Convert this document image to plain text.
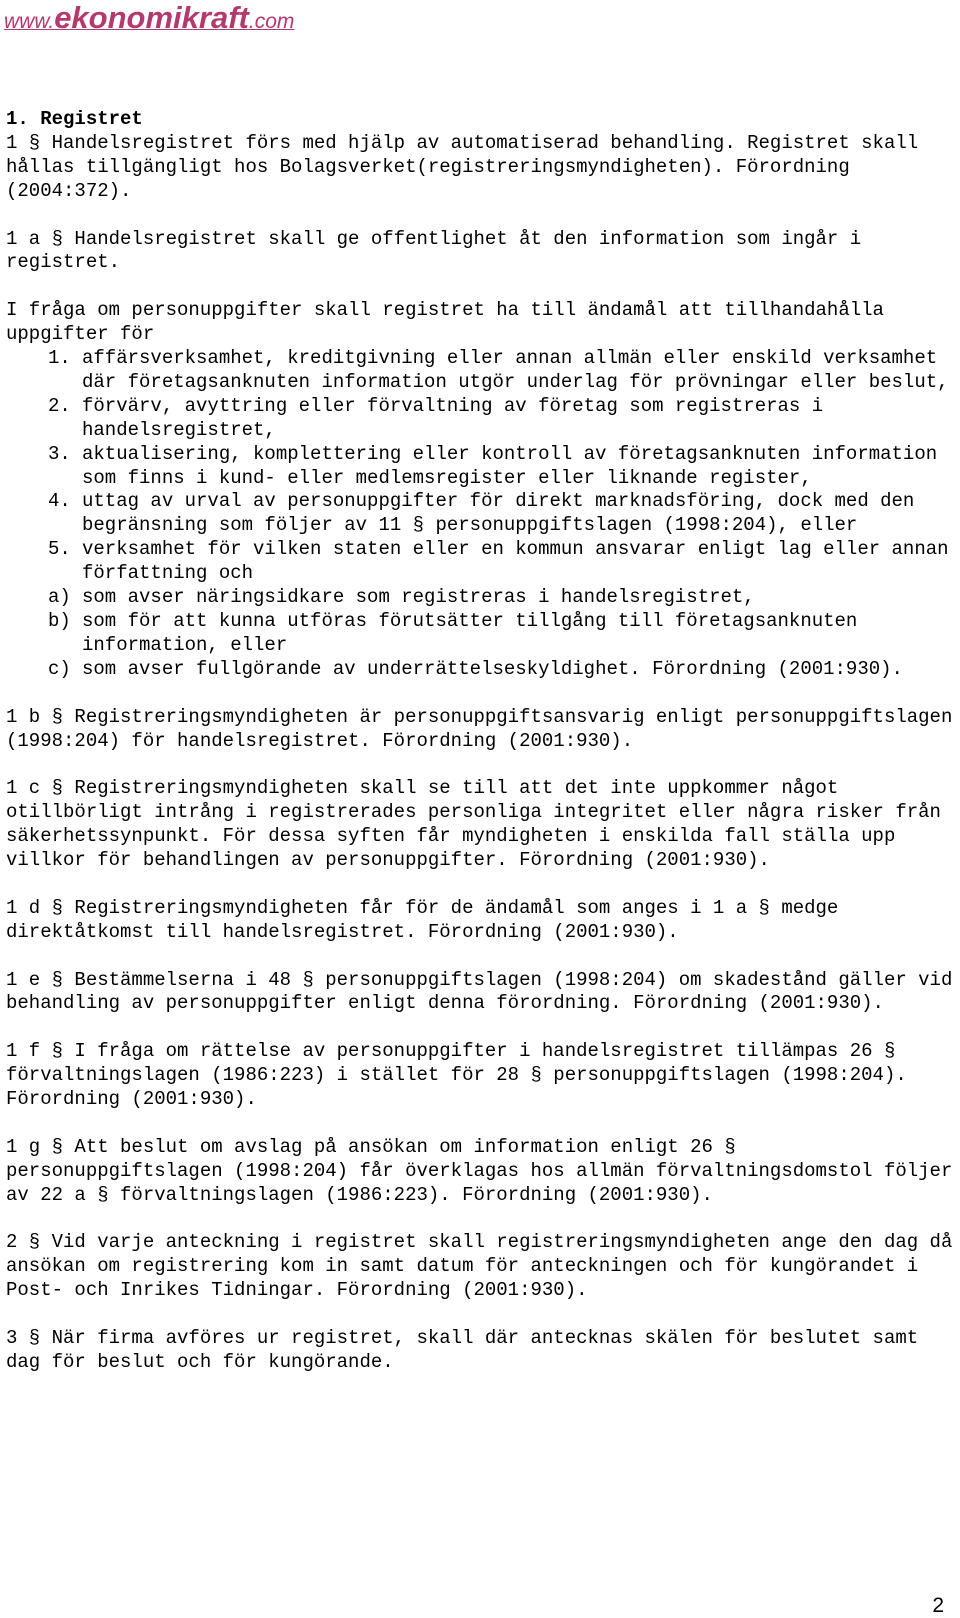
www.ekonomikraft.com

1. Registret

1 § Handelsregistret förs med hjälp av automatiserad behandling. Registret skall hållas tillgängligt hos Bolagsverket(registreringsmyndigheten). Förordning (2004:372).

1 a § Handelsregistret skall ge offentlighet åt den information som ingår i registret.

I fråga om personuppgifter skall registret ha till ändamål att tillhandahålla uppgifter för

1. affärsverksamhet, kreditgivning eller annan allmän eller enskild verksamhet där företagsanknuten information utgör underlag för prövningar eller beslut,
2. förvärv, avyttring eller förvaltning av företag som registreras i handelsregistret,
3. aktualisering, komplettering eller kontroll av företagsanknuten information som finns i kund- eller medlemsregister eller liknande register,
4. uttag av urval av personuppgifter för direkt marknadsföring, dock med den begränsning som följer av 11 § personuppgiftslagen (1998:204), eller
5. verksamhet för vilken staten eller en kommun ansvarar enligt lag eller annan författning och
a) som avser näringsidkare som registreras i handelsregistret,
b) som för att kunna utföras förutsätter tillgång till företagsanknuten information, eller
c) som avser fullgörande av underrättelseskyldighet. Förordning (2001:930).

1 b § Registreringsmyndigheten är personuppgiftsansvarig enligt personuppgiftslagen (1998:204) för handelsregistret. Förordning (2001:930).

1 c § Registreringsmyndigheten skall se till att det inte uppkommer något otillbörligt intrång i registrerades personliga integritet eller några risker från säkerhetssynpunkt. För dessa syften får myndigheten i enskilda fall ställa upp villkor för behandlingen av personuppgifter. Förordning (2001:930).

1 d § Registreringsmyndigheten får för de ändamål som anges i 1 a § medge direktåtkomst till handelsregistret. Förordning (2001:930).

1 e § Bestämmelserna i 48 § personuppgiftslagen (1998:204) om skadestånd gäller vid behandling av personuppgifter enligt denna förordning. Förordning (2001:930).

1 f § I fråga om rättelse av personuppgifter i handelsregistret tillämpas 26 § förvaltningslagen (1986:223) i stället för 28 § personuppgiftslagen (1998:204). Förordning (2001:930).

1 g § Att beslut om avslag på ansökan om information enligt 26 § personuppgiftslagen (1998:204) får överklagas hos allmän förvaltningsdomstol följer av 22 a § förvaltningslagen (1986:223). Förordning (2001:930).

2 § Vid varje anteckning i registret skall registreringsmyndigheten ange den dag då ansökan om registrering kom in samt datum för anteckningen och för kungörandet i Post- och Inrikes Tidningar. Förordning (2001:930).

3 § När firma avföres ur registret, skall där antecknas skälen för beslutet samt dag för beslut och för kungörande.

2
